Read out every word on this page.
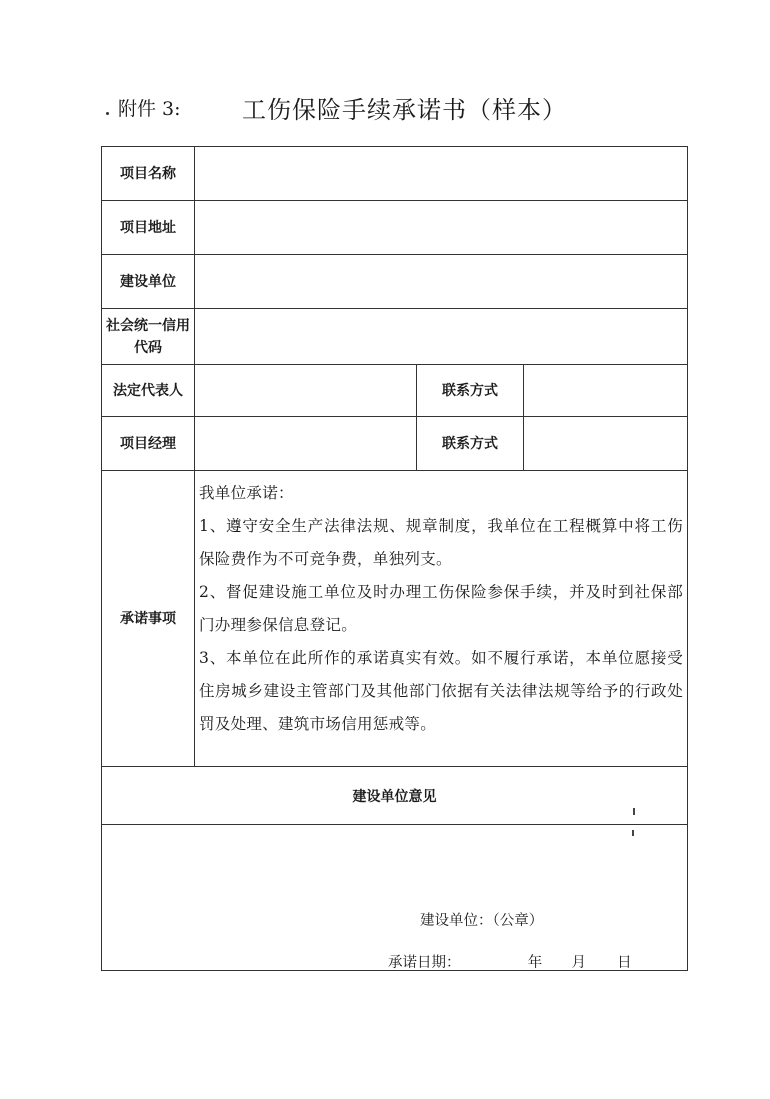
附件 3:	工伤保险手续承诺书（样本）
项目名称			
项目地址			
建设单位			
社会统一信用代码			
法定代表人		联系方式	
项目经理		联系方式	
承诺事项	我单位承诺：

1、遵守安全生产法律法规、规章制度，我单位在工程概算中将工伤保险费作为不可竞争费，单独列支。

2、督促建设施工单位及时办理工伤保险参保手续，并及时到社保部门办理参保信息登记。

3、本单位在此所作的承诺真实有效。如不履行承诺，本单位愿接受住房城乡建设主管部门及其他部门依据有关法律法规等给予的行政处罚及处理、建筑市场信用惩戒等。		

建设单位意见			

建设单位：（公章）
承诺日期： 年 月 日			
